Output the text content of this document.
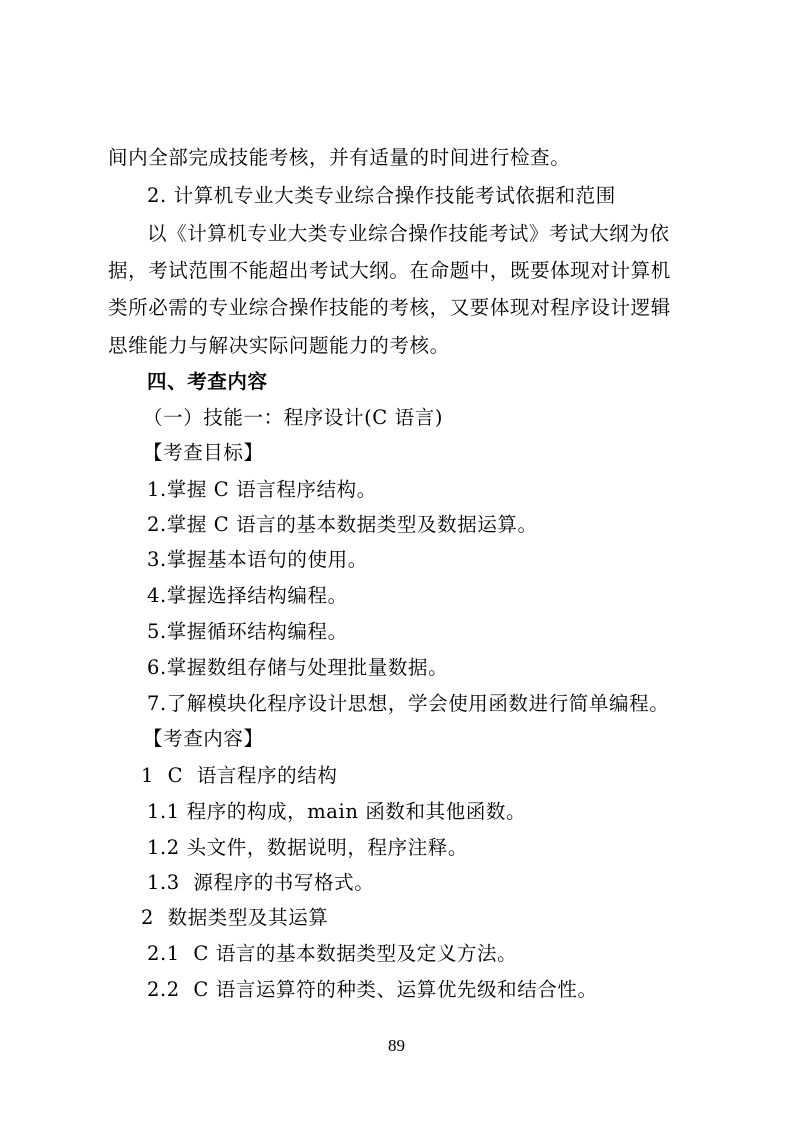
间内全部完成技能考核，并有适量的时间进行检查。
2. 计算机专业大类专业综合操作技能考试依据和范围
以《计算机专业大类专业综合操作技能考试》考试大纲为依
据，考试范围不能超出考试大纲。在命题中，既要体现对计算机
类所必需的专业综合操作技能的考核，又要体现对程序设计逻辑
思维能力与解决实际问题能力的考核。
四、考查内容
（一）技能一：程序设计(C 语言)
【考查目标】
1.掌握 C 语言程序结构。
2.掌握 C 语言的基本数据类型及数据运算。
3.掌握基本语句的使用。
4.掌握选择结构编程。
5.掌握循环结构编程。
6.掌握数组存储与处理批量数据。
7.了解模块化程序设计思想，学会使用函数进行简单编程。
【考查内容】
1  C  语言程序的结构
1.1 程序的构成，main 函数和其他函数。
1.2 头文件，数据说明，程序注释。
1.3  源程序的书写格式。
2  数据类型及其运算
2.1  C 语言的基本数据类型及定义方法。
2.2  C 语言运算符的种类、运算优先级和结合性。
89
